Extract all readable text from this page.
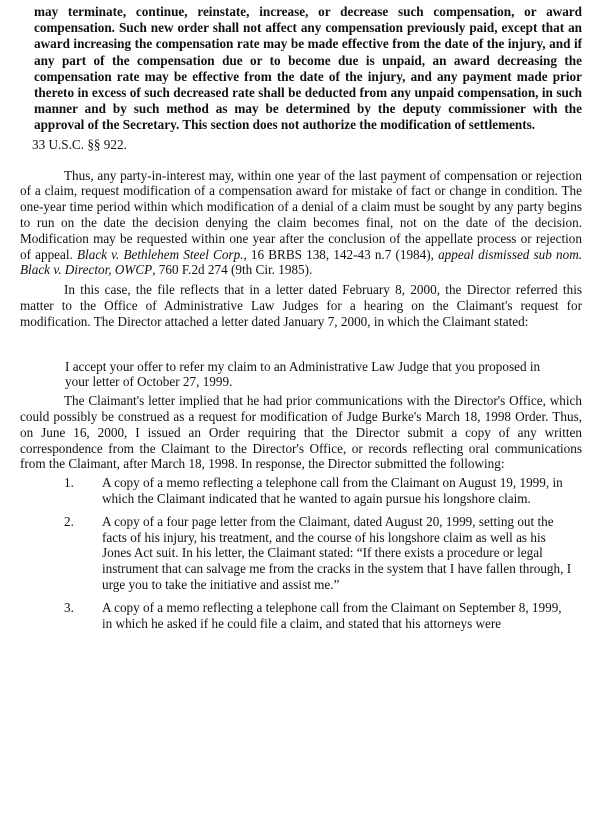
may terminate, continue, reinstate, increase, or decrease such compensation, or award compensation. Such new order shall not affect any compensation previously paid, except that an award increasing the compensation rate may be made effective from the date of the injury, and if any part of the compensation due or to become due is unpaid, an award decreasing the compensation rate may be effective from the date of the injury, and any payment made prior thereto in excess of such decreased rate shall be deducted from any unpaid compensation, in such manner and by such method as may be determined by the deputy commissioner with the approval of the Secretary. This section does not authorize the modification of settlements.

33 U.S.C. §§ 922.

Thus, any party-in-interest may, within one year of the last payment of compensation or rejection of a claim, request modification of a compensation award for mistake of fact or change in condition. The one-year time period within which modification of a denial of a claim must be sought by any party begins to run on the date the decision denying the claim becomes final, not on the date of the decision. Modification may be requested within one year after the conclusion of the appellate process or rejection of appeal. Black v. Bethlehem Steel Corp., 16 BRBS 138, 142-43 n.7 (1984), appeal dismissed sub nom. Black v. Director, OWCP, 760 F.2d 274 (9th Cir. 1985).

In this case, the file reflects that in a letter dated February 8, 2000, the Director referred this matter to the Office of Administrative Law Judges for a hearing on the Claimant's request for modification. The Director attached a letter dated January 7, 2000, in which the Claimant stated:

I accept your offer to refer my claim to an Administrative Law Judge that you proposed in your letter of October 27, 1999.

The Claimant's letter implied that he had prior communications with the Director's Office, which could possibly be construed as a request for modification of Judge Burke's March 18, 1998 Order. Thus, on June 16, 2000, I issued an Order requiring that the Director submit a copy of any written correspondence from the Claimant to the Director's Office, or records reflecting oral communications from the Claimant, after March 18, 1998. In response, the Director submitted the following:

1.	A copy of a memo reflecting a telephone call from the Claimant on August 19, 1999, in which the Claimant indicated that he wanted to again pursue his longshore claim.
2.	A copy of a four page letter from the Claimant, dated August 20, 1999, setting out the facts of his injury, his treatment, and the course of his longshore claim as well as his Jones Act suit. In his letter, the Claimant stated: “If there exists a procedure or legal instrument that can salvage me from the cracks in the system that I have fallen through, I urge you to take the initiative and assist me.”
3.	A copy of a memo reflecting a telephone call from the Claimant on September 8, 1999, in which he asked if he could file a claim, and stated that his attorneys were
